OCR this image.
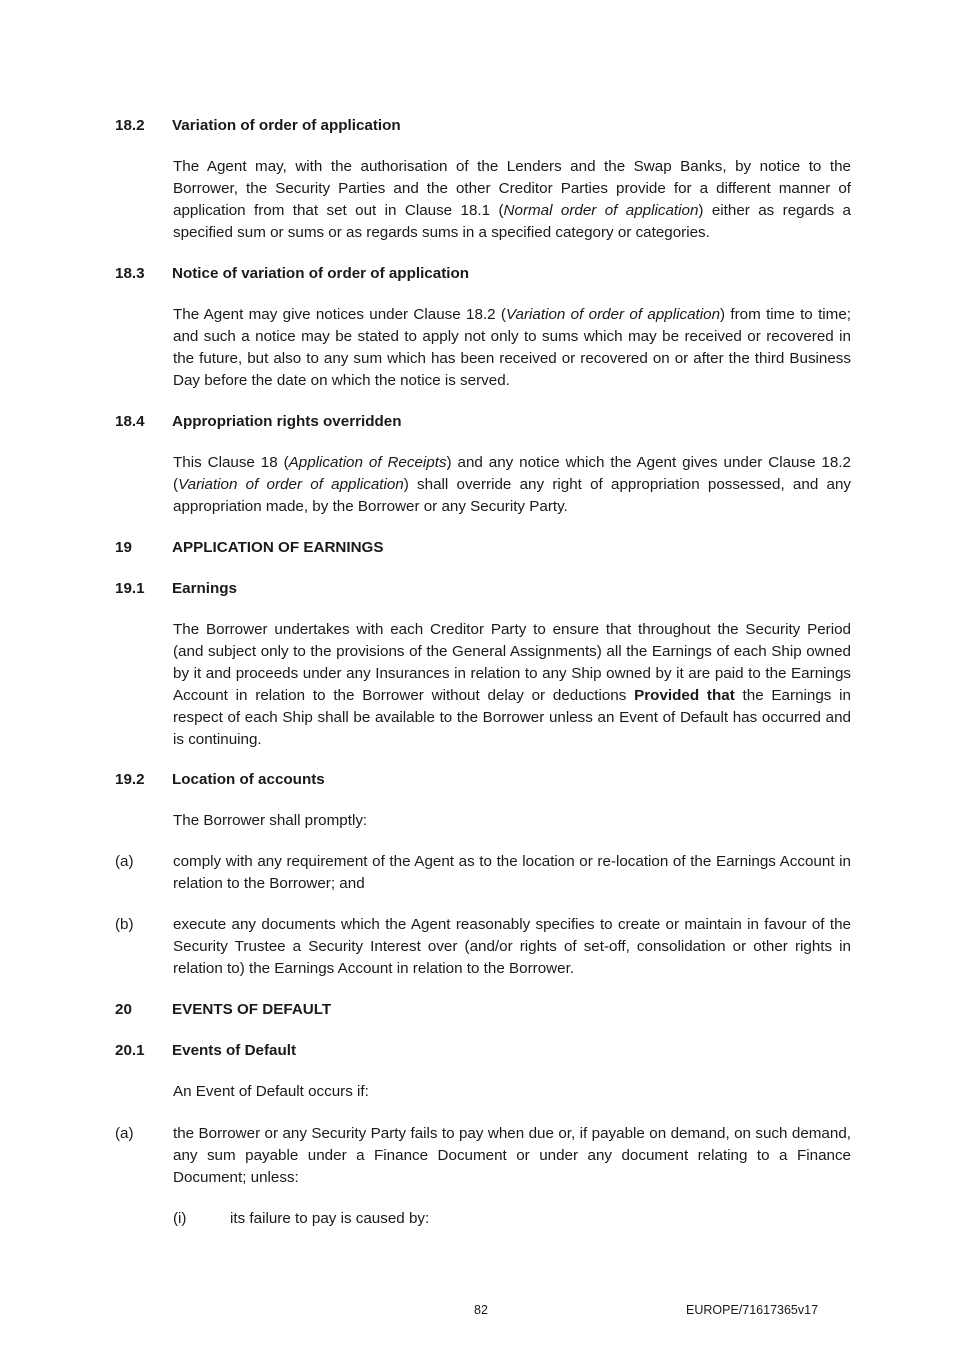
18.2 Variation of order of application
The Agent may, with the authorisation of the Lenders and the Swap Banks, by notice to the Borrower, the Security Parties and the other Creditor Parties provide for a different manner of application from that set out in Clause 18.1 (Normal order of application) either as regards a specified sum or sums or as regards sums in a specified category or categories.
18.3 Notice of variation of order of application
The Agent may give notices under Clause 18.2 (Variation of order of application) from time to time; and such a notice may be stated to apply not only to sums which may be received or recovered in the future, but also to any sum which has been received or recovered on or after the third Business Day before the date on which the notice is served.
18.4 Appropriation rights overridden
This Clause 18 (Application of Receipts) and any notice which the Agent gives under Clause 18.2 (Variation of order of application) shall override any right of appropriation possessed, and any appropriation made, by the Borrower or any Security Party.
19	APPLICATION OF EARNINGS
19.1 Earnings
The Borrower undertakes with each Creditor Party to ensure that throughout the Security Period (and subject only to the provisions of the General Assignments) all the Earnings of each Ship owned by it and proceeds under any Insurances in relation to any Ship owned by it are paid to the Earnings Account in relation to the Borrower without delay or deductions Provided that the Earnings in respect of each Ship shall be available to the Borrower unless an Event of Default has occurred and is continuing.
19.2 Location of accounts
The Borrower shall promptly:
(a)	comply with any requirement of the Agent as to the location or re-location of the Earnings Account in relation to the Borrower; and
(b)	execute any documents which the Agent reasonably specifies to create or maintain in favour of the Security Trustee a Security Interest over (and/or rights of set-off, consolidation or other rights in relation to) the Earnings Account in relation to the Borrower.
20	EVENTS OF DEFAULT
20.1 Events of Default
An Event of Default occurs if:
(a)	the Borrower or any Security Party fails to pay when due or, if payable on demand, on such demand, any sum payable under a Finance Document or under any document relating to a Finance Document; unless:
(i)	its failure to pay is caused by:
82	EUROPE/71617365v17
